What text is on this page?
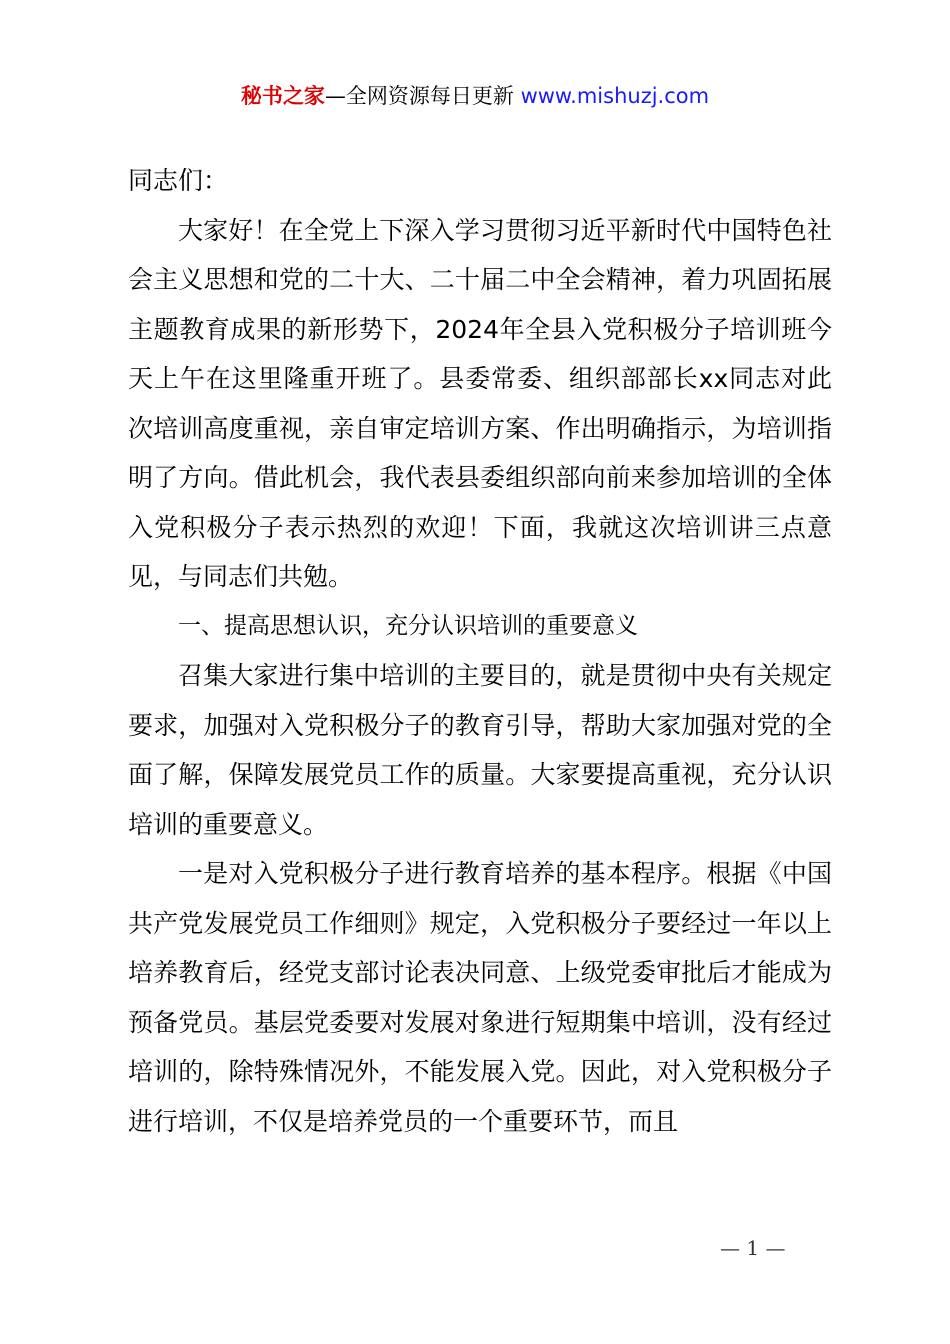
秘书之家—全网资源每日更新 www.mishuzj.com

同志们：

大家好！在全党上下深入学习贯彻习近平新时代中国特色社会主义思想和党的二十大、二十届二中全会精神，着力巩固拓展主题教育成果的新形势下，2024年全县入党积极分子培训班今天上午在这里隆重开班了。县委常委、组织部部长xx同志对此次培训高度重视，亲自审定培训方案、作出明确指示，为培训指明了方向。借此机会，我代表县委组织部向前来参加培训的全体入党积极分子表示热烈的欢迎！下面，我就这次培训讲三点意见，与同志们共勉。

一、提高思想认识，充分认识培训的重要意义

召集大家进行集中培训的主要目的，就是贯彻中央有关规定要求，加强对入党积极分子的教育引导，帮助大家加强对党的全面了解，保障发展党员工作的质量。大家要提高重视，充分认识培训的重要意义。

一是对入党积极分子进行教育培养的基本程序。根据《中国共产党发展党员工作细则》规定，入党积极分子要经过一年以上培养教育后，经党支部讨论表决同意、上级党委审批后才能成为预备党员。基层党委要对发展对象进行短期集中培训，没有经过培训的，除特殊情况外，不能发展入党。因此，对入党积极分子进行培训，不仅是培养党员的一个重要环节，而且

— 1 —
